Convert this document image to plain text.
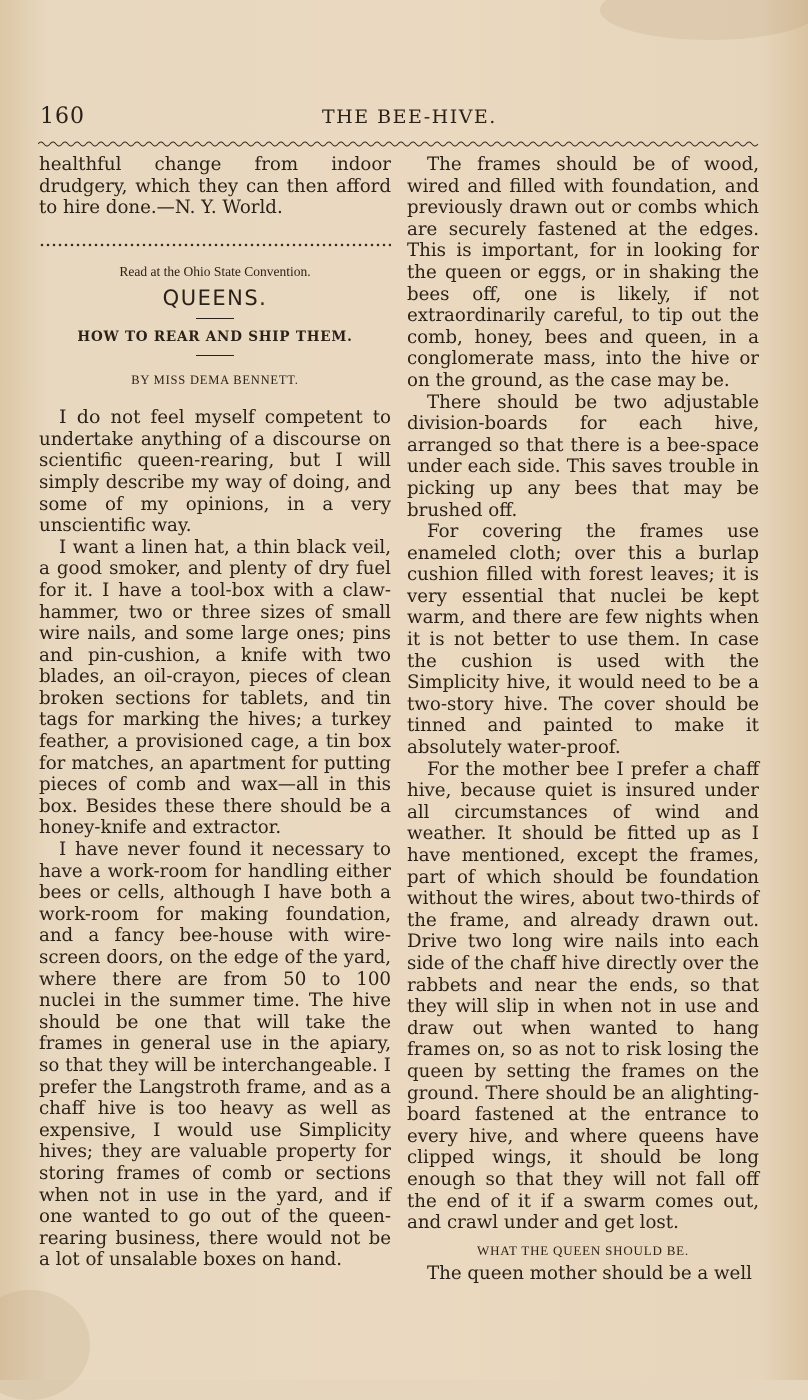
160	THE BEE-HIVE.

healthful change from indoor drudgery, which they can then afford to hire done.—N. Y. World.

Read at the Ohio State Convention.
QUEENS.
HOW TO REAR AND SHIP THEM.
BY MISS DEMA BENNETT.

I do not feel myself competent to undertake anything of a discourse on scientific queen-rearing, but I will simply describe my way of doing, and some of my opinions, in a very unscientific way.

I want a linen hat, a thin black veil, a good smoker, and plenty of dry fuel for it. I have a tool-box with a claw-hammer, two or three sizes of small wire nails, and some large ones; pins and pin-cushion, a knife with two blades, an oil-crayon, pieces of clean broken sections for tablets, and tin tags for marking the hives; a turkey feather, a provisioned cage, a tin box for matches, an apartment for putting pieces of comb and wax—all in this box. Besides these there should be a honey-knife and extractor.

I have never found it necessary to have a work-room for handling either bees or cells, although I have both a work-room for making foundation, and a fancy bee-house with wire-screen doors, on the edge of the yard, where there are from 50 to 100 nuclei in the summer time. The hive should be one that will take the frames in general use in the apiary, so that they will be interchangeable. I prefer the Langstroth frame, and as a chaff hive is too heavy as well as expensive, I would use Simplicity hives; they are valuable property for storing frames of comb or sections when not in use in the yard, and if one wanted to go out of the queen-rearing business, there would not be a lot of unsalable boxes on hand.

The frames should be of wood, wired and filled with foundation, and previously drawn out or combs which are securely fastened at the edges. This is important, for in looking for the queen or eggs, or in shaking the bees off, one is likely, if not extraordinarily careful, to tip out the comb, honey, bees and queen, in a conglomerate mass, into the hive or on the ground, as the case may be.

There should be two adjustable division-boards for each hive, arranged so that there is a bee-space under each side. This saves trouble in picking up any bees that may be brushed off.

For covering the frames use enameled cloth; over this a burlap cushion filled with forest leaves; it is very essential that nuclei be kept warm, and there are few nights when it is not better to use them. In case the cushion is used with the Simplicity hive, it would need to be a two-story hive. The cover should be tinned and painted to make it absolutely water-proof.

For the mother bee I prefer a chaff hive, because quiet is insured under all circumstances of wind and weather. It should be fitted up as I have mentioned, except the frames, part of which should be foundation without the wires, about two-thirds of the frame, and already drawn out. Drive two long wire nails into each side of the chaff hive directly over the rabbets and near the ends, so that they will slip in when not in use and draw out when wanted to hang frames on, so as not to risk losing the queen by setting the frames on the ground. There should be an alighting-board fastened at the entrance to every hive, and where queens have clipped wings, it should be long enough so that they will not fall off the end of it if a swarm comes out, and crawl under and get lost.

WHAT THE QUEEN SHOULD BE.

The queen mother should be a well
